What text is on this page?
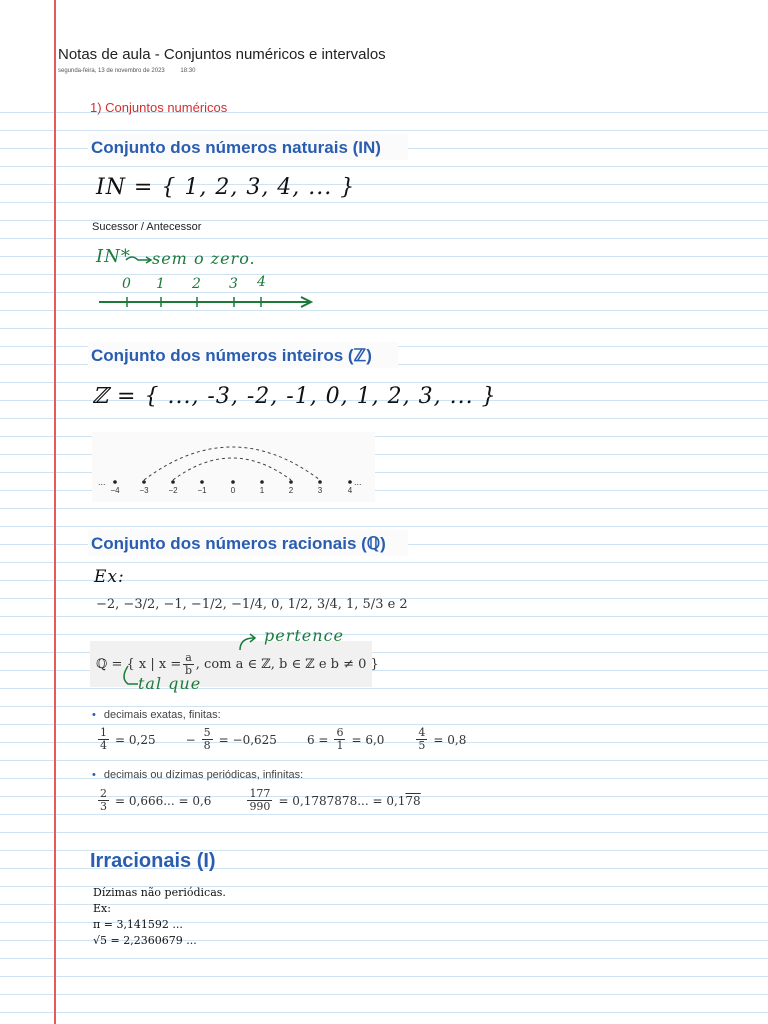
Notas de aula - Conjuntos numéricos e intervalos
segunda-feira, 13 de novembro de 2023	18:30
1) Conjuntos numéricos
Conjunto dos números naturais (IN)
IN = { 1, 2, 3, 4, ... }
Sucessor / Antecessor
IN* sem o zero.
0 1 2 3 4
Conjunto dos números inteiros (ℤ)
ℤ = { ..., -3, -2, -1, 0, 1, 2, 3, ... }
...	...
−4	−3	−2	−1	0	1	2	3	4
Conjunto dos números racionais (ℚ)
Ex:
−2, −3/2, −1, −1/2, −1/4, 0, 1/2, 3/4, 1, 5/3 e 2
ℚ = { x | $x = \frac{a}{b}$ , com a ∈ ℤ, b ∈ ℤ e b ≠ 0 }
pertence
tal que
• decimais exatas, finitas:
$\frac{1}{4} = 0,25$	− $\frac{5}{8} = -0,625$	$6 = \frac{6}{1} = 6,0$	$\frac{4}{5} = 0,8$
• decimais ou dízimas periódicas, infinitas:
$\frac{2}{3} = 0,666$... = 0,6	$\frac{177}{990} = 0,1787878$... = 0,1 78
Irracionais (I)
Dízimas não periódicas.
Ex:
π = 3,141592 ...
√5 = 2,2360679 ...
